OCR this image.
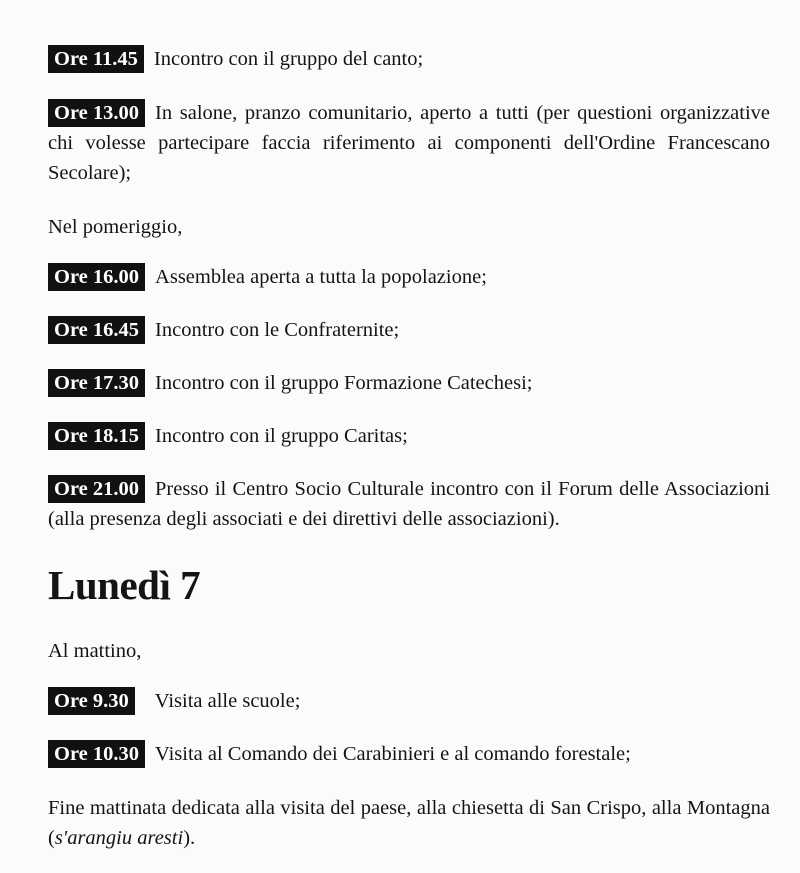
Ore 11.45 Incontro con il gruppo del canto;
Ore 13.00 In salone, pranzo comunitario, aperto a tutti (per questioni organizzative chi volesse partecipare faccia riferimento ai componenti dell'Ordine Francescano Secolare);
Nel pomeriggio,
Ore 16.00 Assemblea aperta a tutta la popolazione;
Ore 16.45 Incontro con le Confraternite;
Ore 17.30 Incontro con il gruppo Formazione Catechesi;
Ore 18.15 Incontro con il gruppo Caritas;
Ore 21.00 Presso il Centro Socio Culturale incontro con il Forum delle Associazioni (alla presenza degli associati e dei direttivi delle associazioni).
Lunedì 7
Al mattino,
Ore 9.30 Visita alle scuole;
Ore 10.30 Visita al Comando dei Carabinieri e al comando forestale;
Fine mattinata dedicata alla visita del paese, alla chiesetta di San Crispo, alla Montagna (s'arangiu aresti).
